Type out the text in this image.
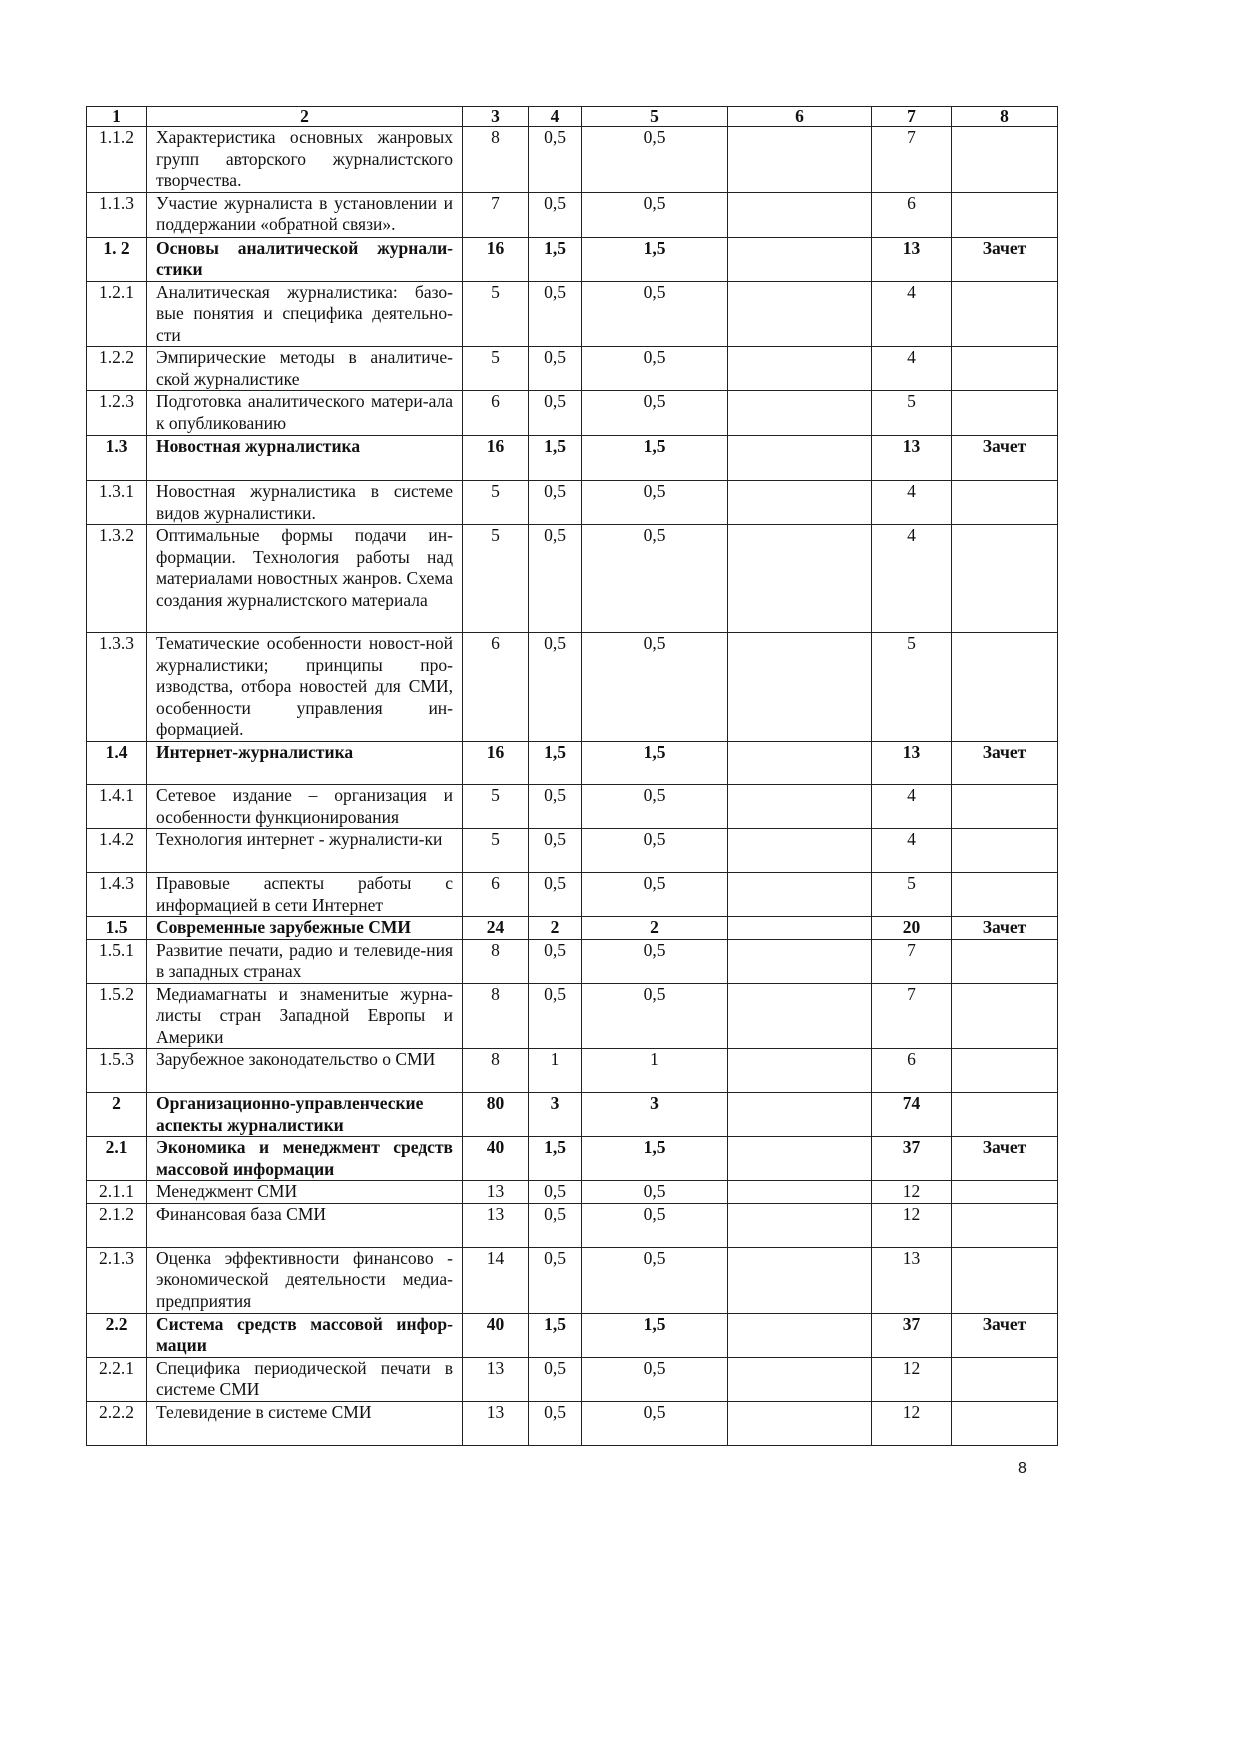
1	2	3	4	5	6	7	8
1.1.2	Характеристика основных жанровых групп авторского журналистского творчества.	8	0,5	0,5		7	
1.1.3	Участие журналиста в установлении и поддержании «обратной связи».	7	0,5	0,5		6	
1. 2	Основы аналитической журнали-стики	16	1,5	1,5		13	Зачет
1.2.1	Аналитическая журналистика: базо-вые понятия и специфика деятельно-сти	5	0,5	0,5		4	
1.2.2	Эмпирические методы в аналитиче-ской журналистике	5	0,5	0,5		4	
1.2.3	Подготовка аналитического матери-ала к опубликованию	6	0,5	0,5		5	
1.3	Новостная журналистика	16	1,5	1,5		13	Зачет
1.3.1	Новостная журналистика в системе видов журналистики.	5	0,5	0,5		4	
1.3.2	Оптимальные формы подачи ин-формации. Технология работы над материалами новостных жанров. Схема создания журналистского материала	5	0,5	0,5		4	
1.3.3	Тематические особенности новост-ной журналистики; принципы про-изводства, отбора новостей для СМИ, особенности управления ин-формацией.	6	0,5	0,5		5	
1.4	Интернет-журналистика	16	1,5	1,5		13	Зачет
1.4.1	Сетевое издание – организация и особенности функционирования	5	0,5	0,5		4	
1.4.2	Технология интернет - журналисти-ки	5	0,5	0,5		4	
1.4.3	Правовые аспекты работы с информацией в сети Интернет	6	0,5	0,5		5	
1.5	Современные зарубежные СМИ	24	2	2		20	Зачет
1.5.1	Развитие печати, радио и телевиде-ния в западных странах	8	0,5	0,5		7	
1.5.2	Медиамагнаты и знаменитые журна-листы стран Западной Европы и Америки	8	0,5	0,5		7	
1.5.3	Зарубежное законодательство о СМИ	8	1	1		6	
2	Организационно-управленческие аспекты журналистики	80	3	3		74	
2.1	Экономика и менеджмент средств массовой информации	40	1,5	1,5		37	Зачет
2.1.1	Менеджмент СМИ	13	0,5	0,5		12	
2.1.2	Финансовая база СМИ	13	0,5	0,5		12	
2.1.3	Оценка эффективности финансово - экономической деятельности медиа-предприятия	14	0,5	0,5		13	
2.2	Система средств массовой инфор-мации	40	1,5	1,5		37	Зачет
2.2.1	Специфика периодической печати в системе СМИ	13	0,5	0,5		12	
2.2.2	Телевидение в системе СМИ	13	0,5	0,5		12	
8
